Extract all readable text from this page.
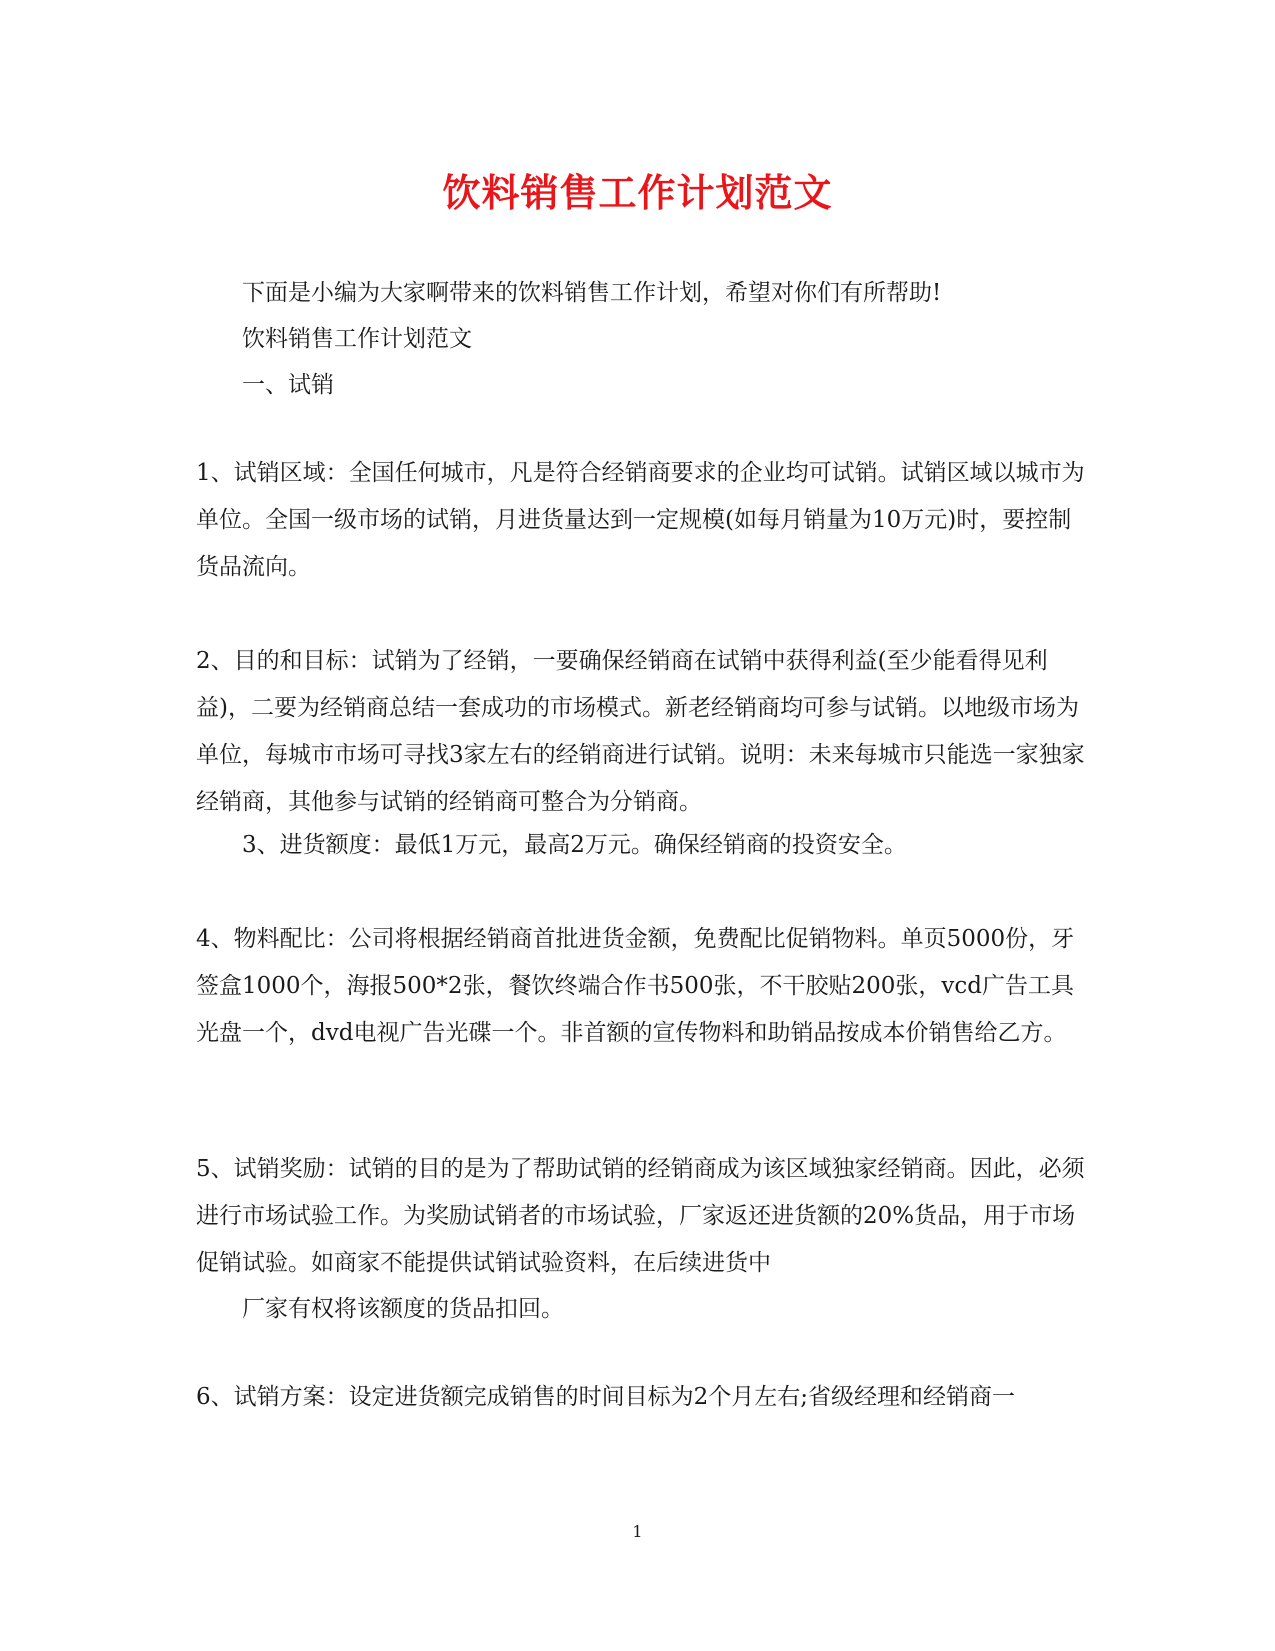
饮料销售工作计划范文

下面是小编为大家啊带来的饮料销售工作计划，希望对你们有所帮助!

饮料销售工作计划范文

一、试销

1、试销区域：全国任何城市，凡是符合经销商要求的企业均可试销。试销区域以城市为单位。全国一级市场的试销，月进货量达到一定规模(如每月销量为10万元)时，要控制货品流向。

2、目的和目标：试销为了经销，一要确保经销商在试销中获得利益(至少能看得见利益)，二要为经销商总结一套成功的市场模式。新老经销商均可参与试销。以地级市场为单位，每城市市场可寻找3家左右的经销商进行试销。说明：未来每城市只能选一家独家经销商，其他参与试销的经销商可整合为分销商。

3、进货额度：最低1万元，最高2万元。确保经销商的投资安全。

4、物料配比：公司将根据经销商首批进货金额，免费配比促销物料。单页5000份，牙签盒1000个，海报500*2张，餐饮终端合作书500张，不干胶贴200张，vcd广告工具光盘一个，dvd电视广告光碟一个。非首额的宣传物料和助销品按成本价销售给乙方。

5、试销奖励：试销的目的是为了帮助试销的经销商成为该区域独家经销商。因此，必须进行市场试验工作。为奖励试销者的市场试验，厂家返还进货额的20%货品，用于市场促销试验。如商家不能提供试销试验资料，在后续进货中

厂家有权将该额度的货品扣回。

6、试销方案：设定进货额完成销售的时间目标为2个月左右;省级经理和经销商一

1
